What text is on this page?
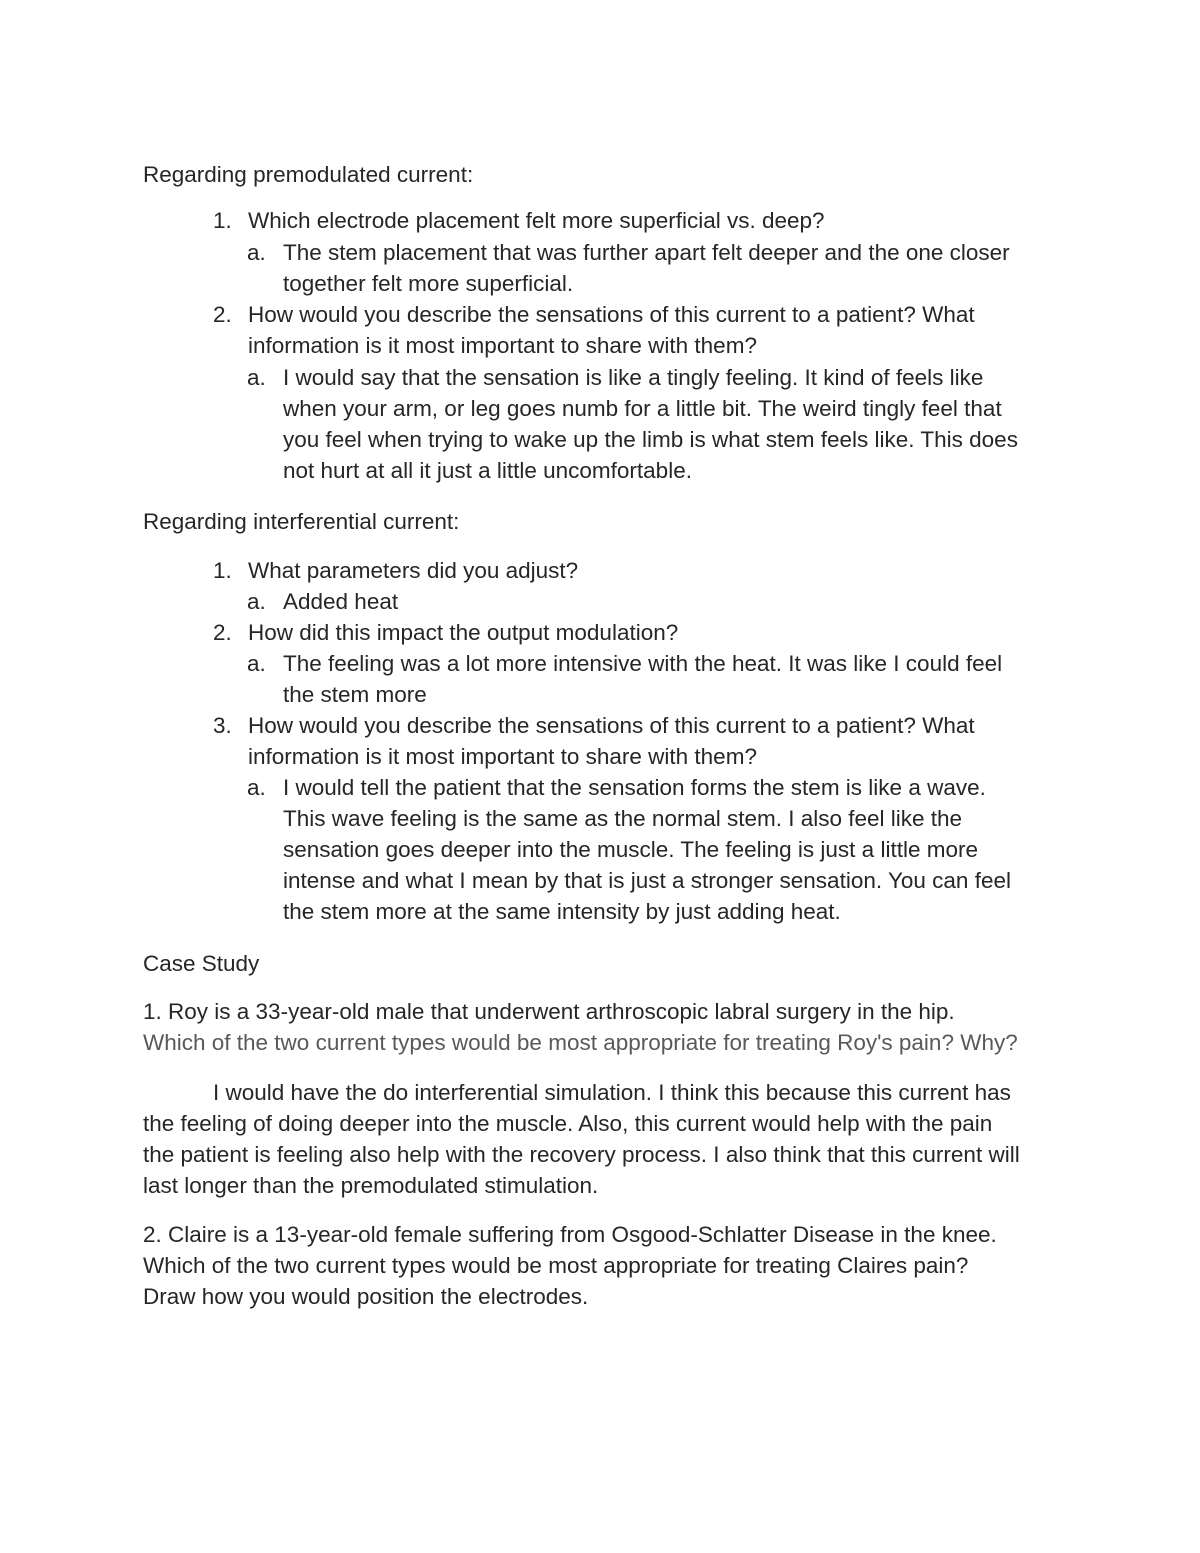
Regarding premodulated current:
1. Which electrode placement felt more superficial vs. deep?
a. The stem placement that was further apart felt deeper and the one closer
together felt more superficial.
2. How would you describe the sensations of this current to a patient? What
information is it most important to share with them?
a. I would say that the sensation is like a tingly feeling. It kind of feels like
when your arm, or leg goes numb for a little bit. The weird tingly feel that
you feel when trying to wake up the limb is what stem feels like. This does
not hurt at all it just a little uncomfortable.
Regarding interferential current:
1. What parameters did you adjust?
a. Added heat
2. How did this impact the output modulation?
a. The feeling was a lot more intensive with the heat. It was like I could feel
the stem more
3. How would you describe the sensations of this current to a patient? What
information is it most important to share with them?
a. I would tell the patient that the sensation forms the stem is like a wave.
This wave feeling is the same as the normal stem. I also feel like the
sensation goes deeper into the muscle. The feeling is just a little more
intense and what I mean by that is just a stronger sensation. You can feel
the stem more at the same intensity by just adding heat.
Case Study
1. Roy is a 33-year-old male that underwent arthroscopic labral surgery in the hip.
Which of the two current types would be most appropriate for treating Roy's pain? Why?
I would have the do interferential simulation. I think this because this current has
the feeling of doing deeper into the muscle. Also, this current would help with the pain
the patient is feeling also help with the recovery process. I also think that this current will
last longer than the premodulated stimulation.
2. Claire is a 13-year-old female suffering from Osgood-Schlatter Disease in the knee.
Which of the two current types would be most appropriate for treating Claires pain?
Draw how you would position the electrodes.
